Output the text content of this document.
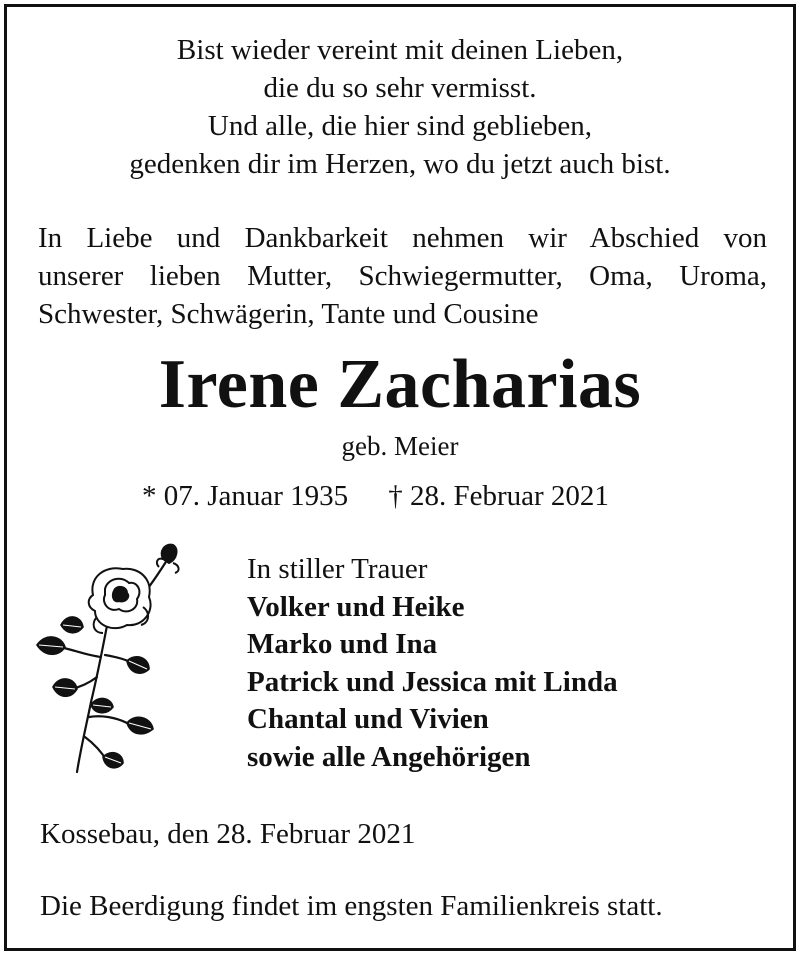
Bist wieder vereint mit deinen Lieben,
die du so sehr vermisst.
Und alle, die hier sind geblieben,
gedenken dir im Herzen, wo du jetzt auch bist.
In Liebe und Dankbarkeit nehmen wir Abschied von
unserer lieben Mutter, Schwiegermutter, Oma, Uroma,
Schwester, Schwägerin, Tante und Cousine
Irene Zacharias
geb. Meier
* 07. Januar 1935 † 28. Februar 2021
In stiller Trauer
Volker und Heike
Marko und Ina
Patrick und Jessica mit Linda
Chantal und Vivien
sowie alle Angehörigen
Kossebau, den 28. Februar 2021
Die Beerdigung findet im engsten Familienkreis statt.
